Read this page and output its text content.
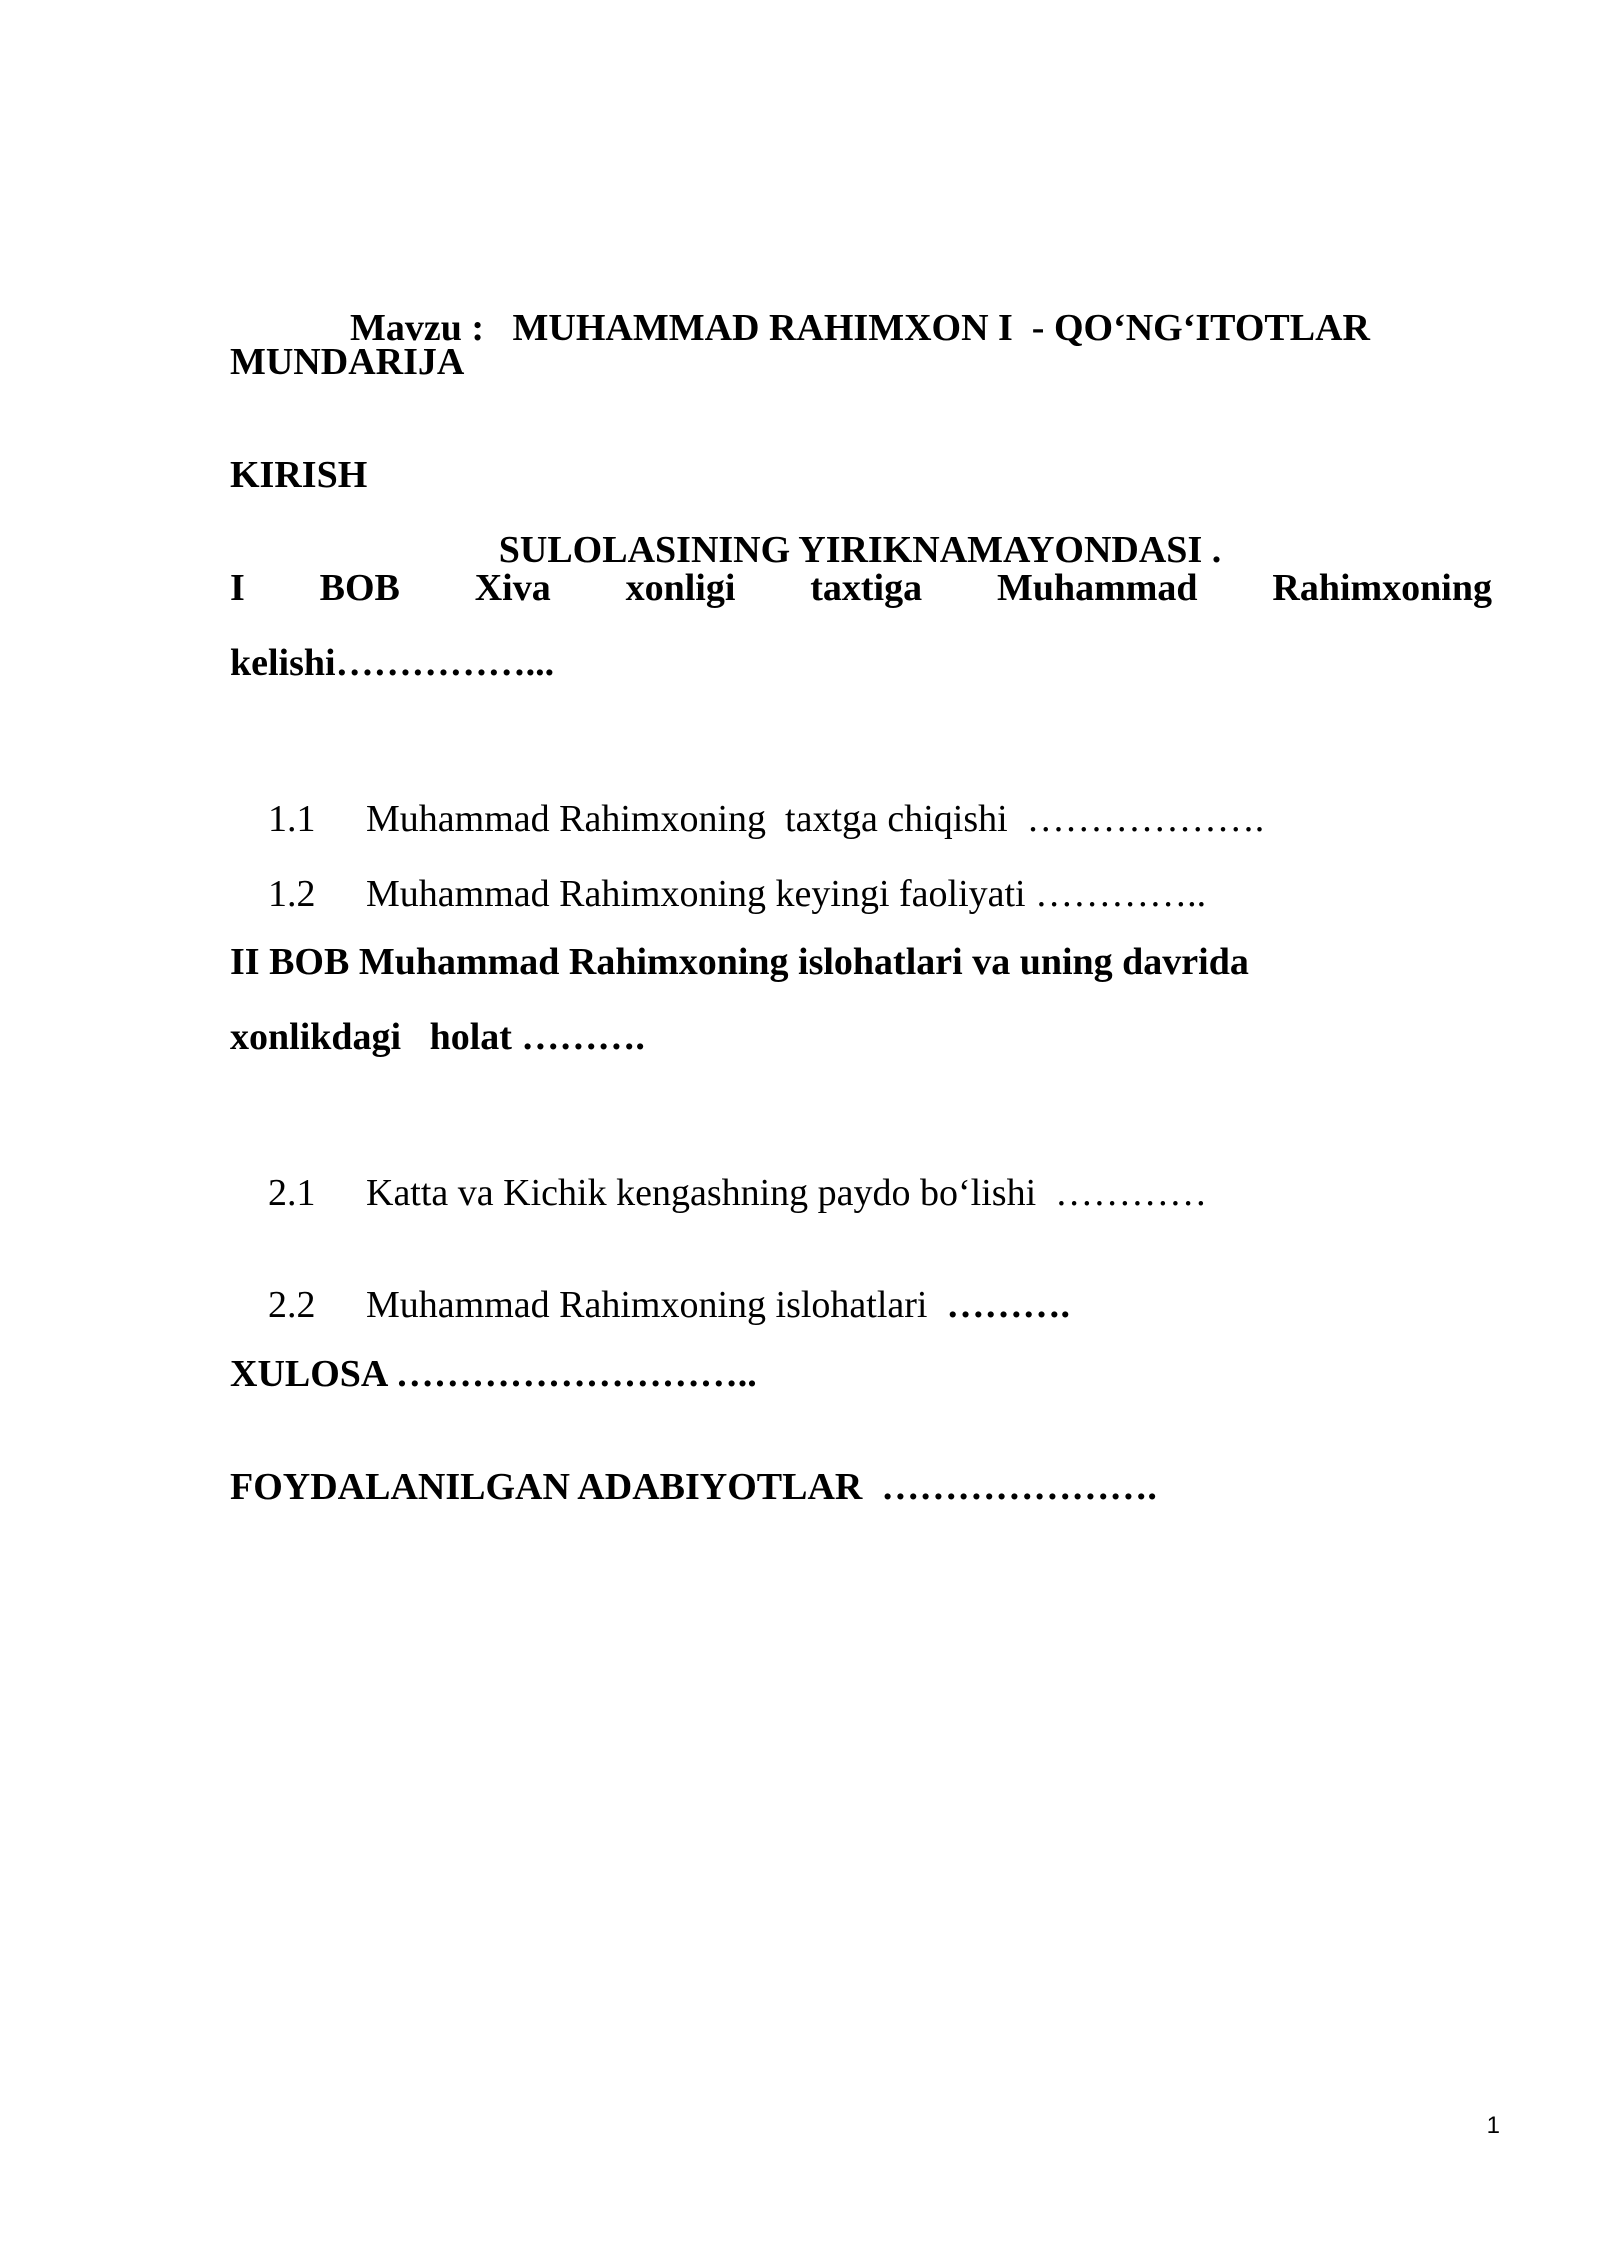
Mavzu :   MUHAMMAD RAHIMXON I  - QO‘NG‘ITOTLAR

SULOLASINING YIRIKNAMAYONDASI .

MUNDARIJA
KIRISH
I BOB Xiva xonligi taxtiga Muhammad Rahimxoning
kelishi……………...

1.1 Muhammad Rahimxoning  taxtga chiqishi  ……………….

1.2 Muhammad Rahimxoning keyingi faoliyati …………..

II BOB Muhammad Rahimxoning islohatlari va uning davrida
xonlikdagi   holat ……….

2.1 Katta va Kichik kengashning paydo bo‘lishi  …………

2.2 Muhammad Rahimxoning islohatlari  ……….

XULOSA ………………………..
FOYDALANILGAN ADABIYOTLAR  ………………….
1
